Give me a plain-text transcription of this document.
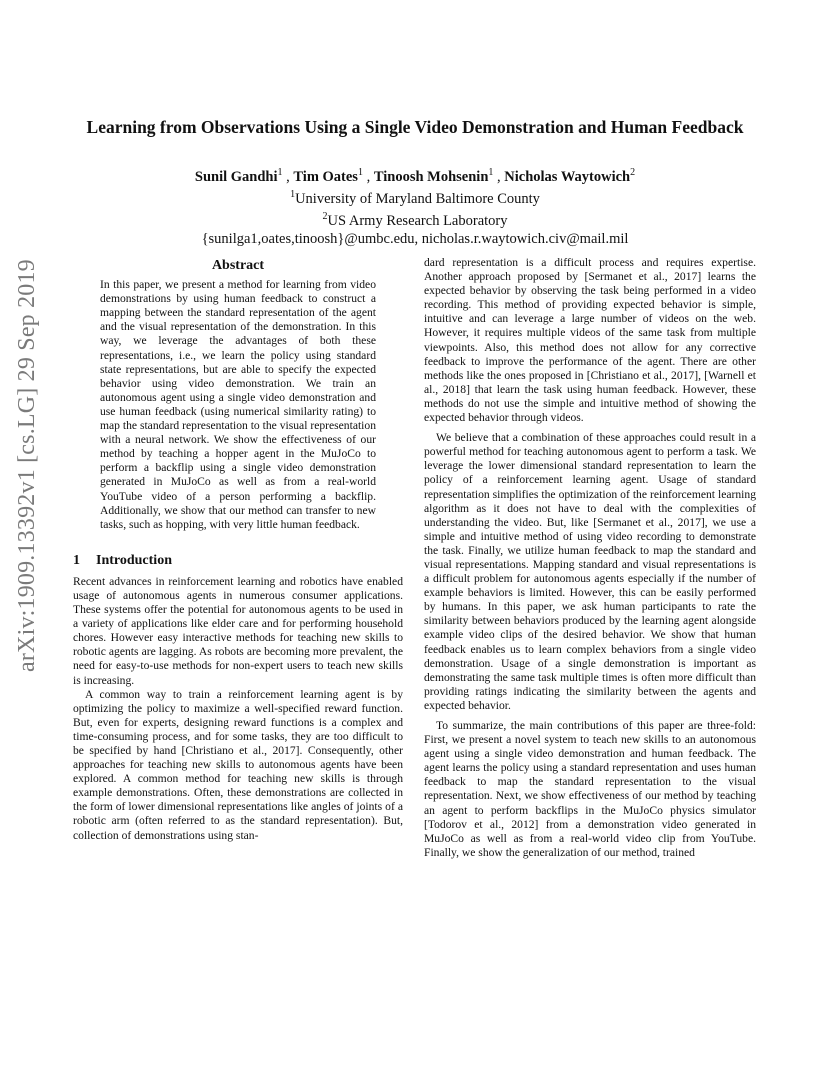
arXiv:1909.13392v1 [cs.LG] 29 Sep 2019
Learning from Observations Using a Single Video Demonstration and Human Feedback
Sunil Gandhi$^1$ , Tim Oates$^1$ , Tinoosh Mohsenin$^1$ , Nicholas Waytowich$^2$
$^1$University of Maryland Baltimore County
$^2$US Army Research Laboratory
{sunilga1,oates,tinoosh}@umbc.edu, nicholas.r.waytowich.civ@mail.mil
Abstract

In this paper, we present a method for learning from video demonstrations by using human feedback to construct a mapping between the standard representation of the agent and the visual representation of the demonstration. In this way, we leverage the advantages of both these representations, i.e., we learn the policy using standard state representations, but are able to specify the expected behavior using video demonstration. We train an autonomous agent using a single video demonstration and use human feedback (using numerical similarity rating) to map the standard representation to the visual representation with a neural network. We show the effectiveness of our method by teaching a hopper agent in the MuJoCo to perform a backflip using a single video demonstration generated in MuJoCo as well as from a real-world YouTube video of a person performing a backflip. Additionally, we show that our method can transfer to new tasks, such as hopping, with very little human feedback.

1 Introduction

Recent advances in reinforcement learning and robotics have enabled usage of autonomous agents in numerous consumer applications. These systems offer the potential for autonomous agents to be used in a variety of applications like elder care and for performing household chores. However easy interactive methods for teaching new skills to robotic agents are lagging. As robots are becoming more prevalent, the need for easy-to-use methods for non-expert users to teach new skills is increasing.

A common way to train a reinforcement learning agent is by optimizing the policy to maximize a well-specified reward function. But, even for experts, designing reward functions is a complex and time-consuming process, and for some tasks, they are too difficult to be specified by hand [Christiano et al., 2017]. Consequently, other approaches for teaching new skills to autonomous agents have been explored. A common method for teaching new skills is through example demonstrations. Often, these demonstrations are collected in the form of lower dimensional representations like angles of joints of a robotic arm (often referred to as the standard representation). But, collection of demonstrations using stan-

dard representation is a difficult process and requires expertise. Another approach proposed by [Sermanet et al., 2017] learns the expected behavior by observing the task being performed in a video recording. This method of providing expected behavior is simple, intuitive and can leverage a large number of videos on the web. However, it requires multiple videos of the same task from multiple viewpoints. Also, this method does not allow for any corrective feedback to improve the performance of the agent. There are other methods like the ones proposed in [Christiano et al., 2017], [Warnell et al., 2018] that learn the task using human feedback. However, these methods do not use the simple and intuitive method of showing the expected behavior through videos.

We believe that a combination of these approaches could result in a powerful method for teaching autonomous agent to perform a task. We leverage the lower dimensional standard representation to learn the policy of a reinforcement learning agent. Usage of standard representation simplifies the optimization of the reinforcement learning algorithm as it does not have to deal with the complexities of understanding the video. But, like [Sermanet et al., 2017], we use a simple and intuitive method of using video recording to demonstrate the task. Finally, we utilize human feedback to map the standard and visual representations. Mapping standard and visual representations is a difficult problem for autonomous agents especially if the number of example behaviors is limited. However, this can be easily performed by humans. In this paper, we ask human participants to rate the similarity between behaviors produced by the learning agent alongside example video clips of the desired behavior. We show that human feedback enables us to learn complex behaviors from a single video demonstration. Usage of a single demonstration is important as demonstrating the same task multiple times is often more difficult than providing ratings indicating the similarity between the agents and expected behavior.

To summarize, the main contributions of this paper are three-fold: First, we present a novel system to teach new skills to an autonomous agent using a single video demonstration and human feedback. The agent learns the policy using a standard representation and uses human feedback to map the standard representation to the visual representation. Next, we show effectiveness of our method by teaching an agent to perform backflips in the MuJoCo physics simulator [Todorov et al., 2012] from a demonstration video generated in MuJoCo as well as from a real-world video clip from YouTube. Finally, we show the generalization of our method, trained
